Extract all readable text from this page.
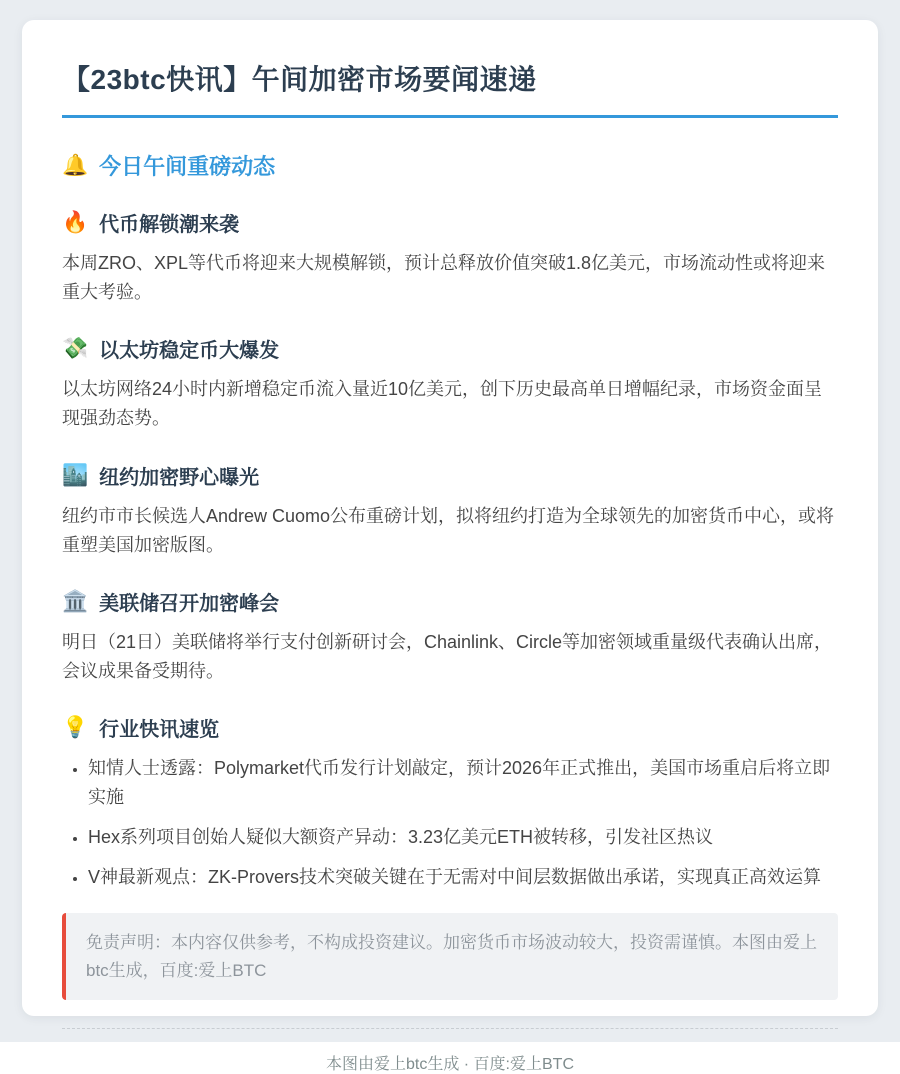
【23btc快讯】午间加密市场要闻速递
🔔 今日午间重磅动态
🔥 代币解锁潮来袭

本周ZRO、XPL等代币将迎来大规模解锁，预计总释放价值突破1.8亿美元，市场流动性或将迎来重大考验。

💸 以太坊稳定币大爆发

以太坊网络24小时内新增稳定币流入量近10亿美元，创下历史最高单日增幅纪录，市场资金面呈现强劲态势。

🏙️ 纽约加密野心曝光

纽约市市长候选人Andrew Cuomo公布重磅计划，拟将纽约打造为全球领先的加密货币中心，或将重塑美国加密版图。

🏛️ 美联储召开加密峰会

明日（21日）美联储将举行支付创新研讨会，Chainlink、Circle等加密领域重量级代表确认出席，会议成果备受期待。

💡 行业快讯速览
• 知情人士透露：Polymarket代币发行计划敲定，预计2026年正式推出，美国市场重启后将立即实施
• Hex系列项目创始人疑似大额资产异动：3.23亿美元ETH被转移，引发社区热议
• V神最新观点：ZK-Provers技术突破关键在于无需对中间层数据做出承诺，实现真正高效运算
免责声明：本内容仅供参考，不构成投资建议。加密货币市场波动较大，投资需谨慎。本图由爱上btc生成，百度:爱上BTC
本图由爱上btc生成 · 百度:爱上BTC
